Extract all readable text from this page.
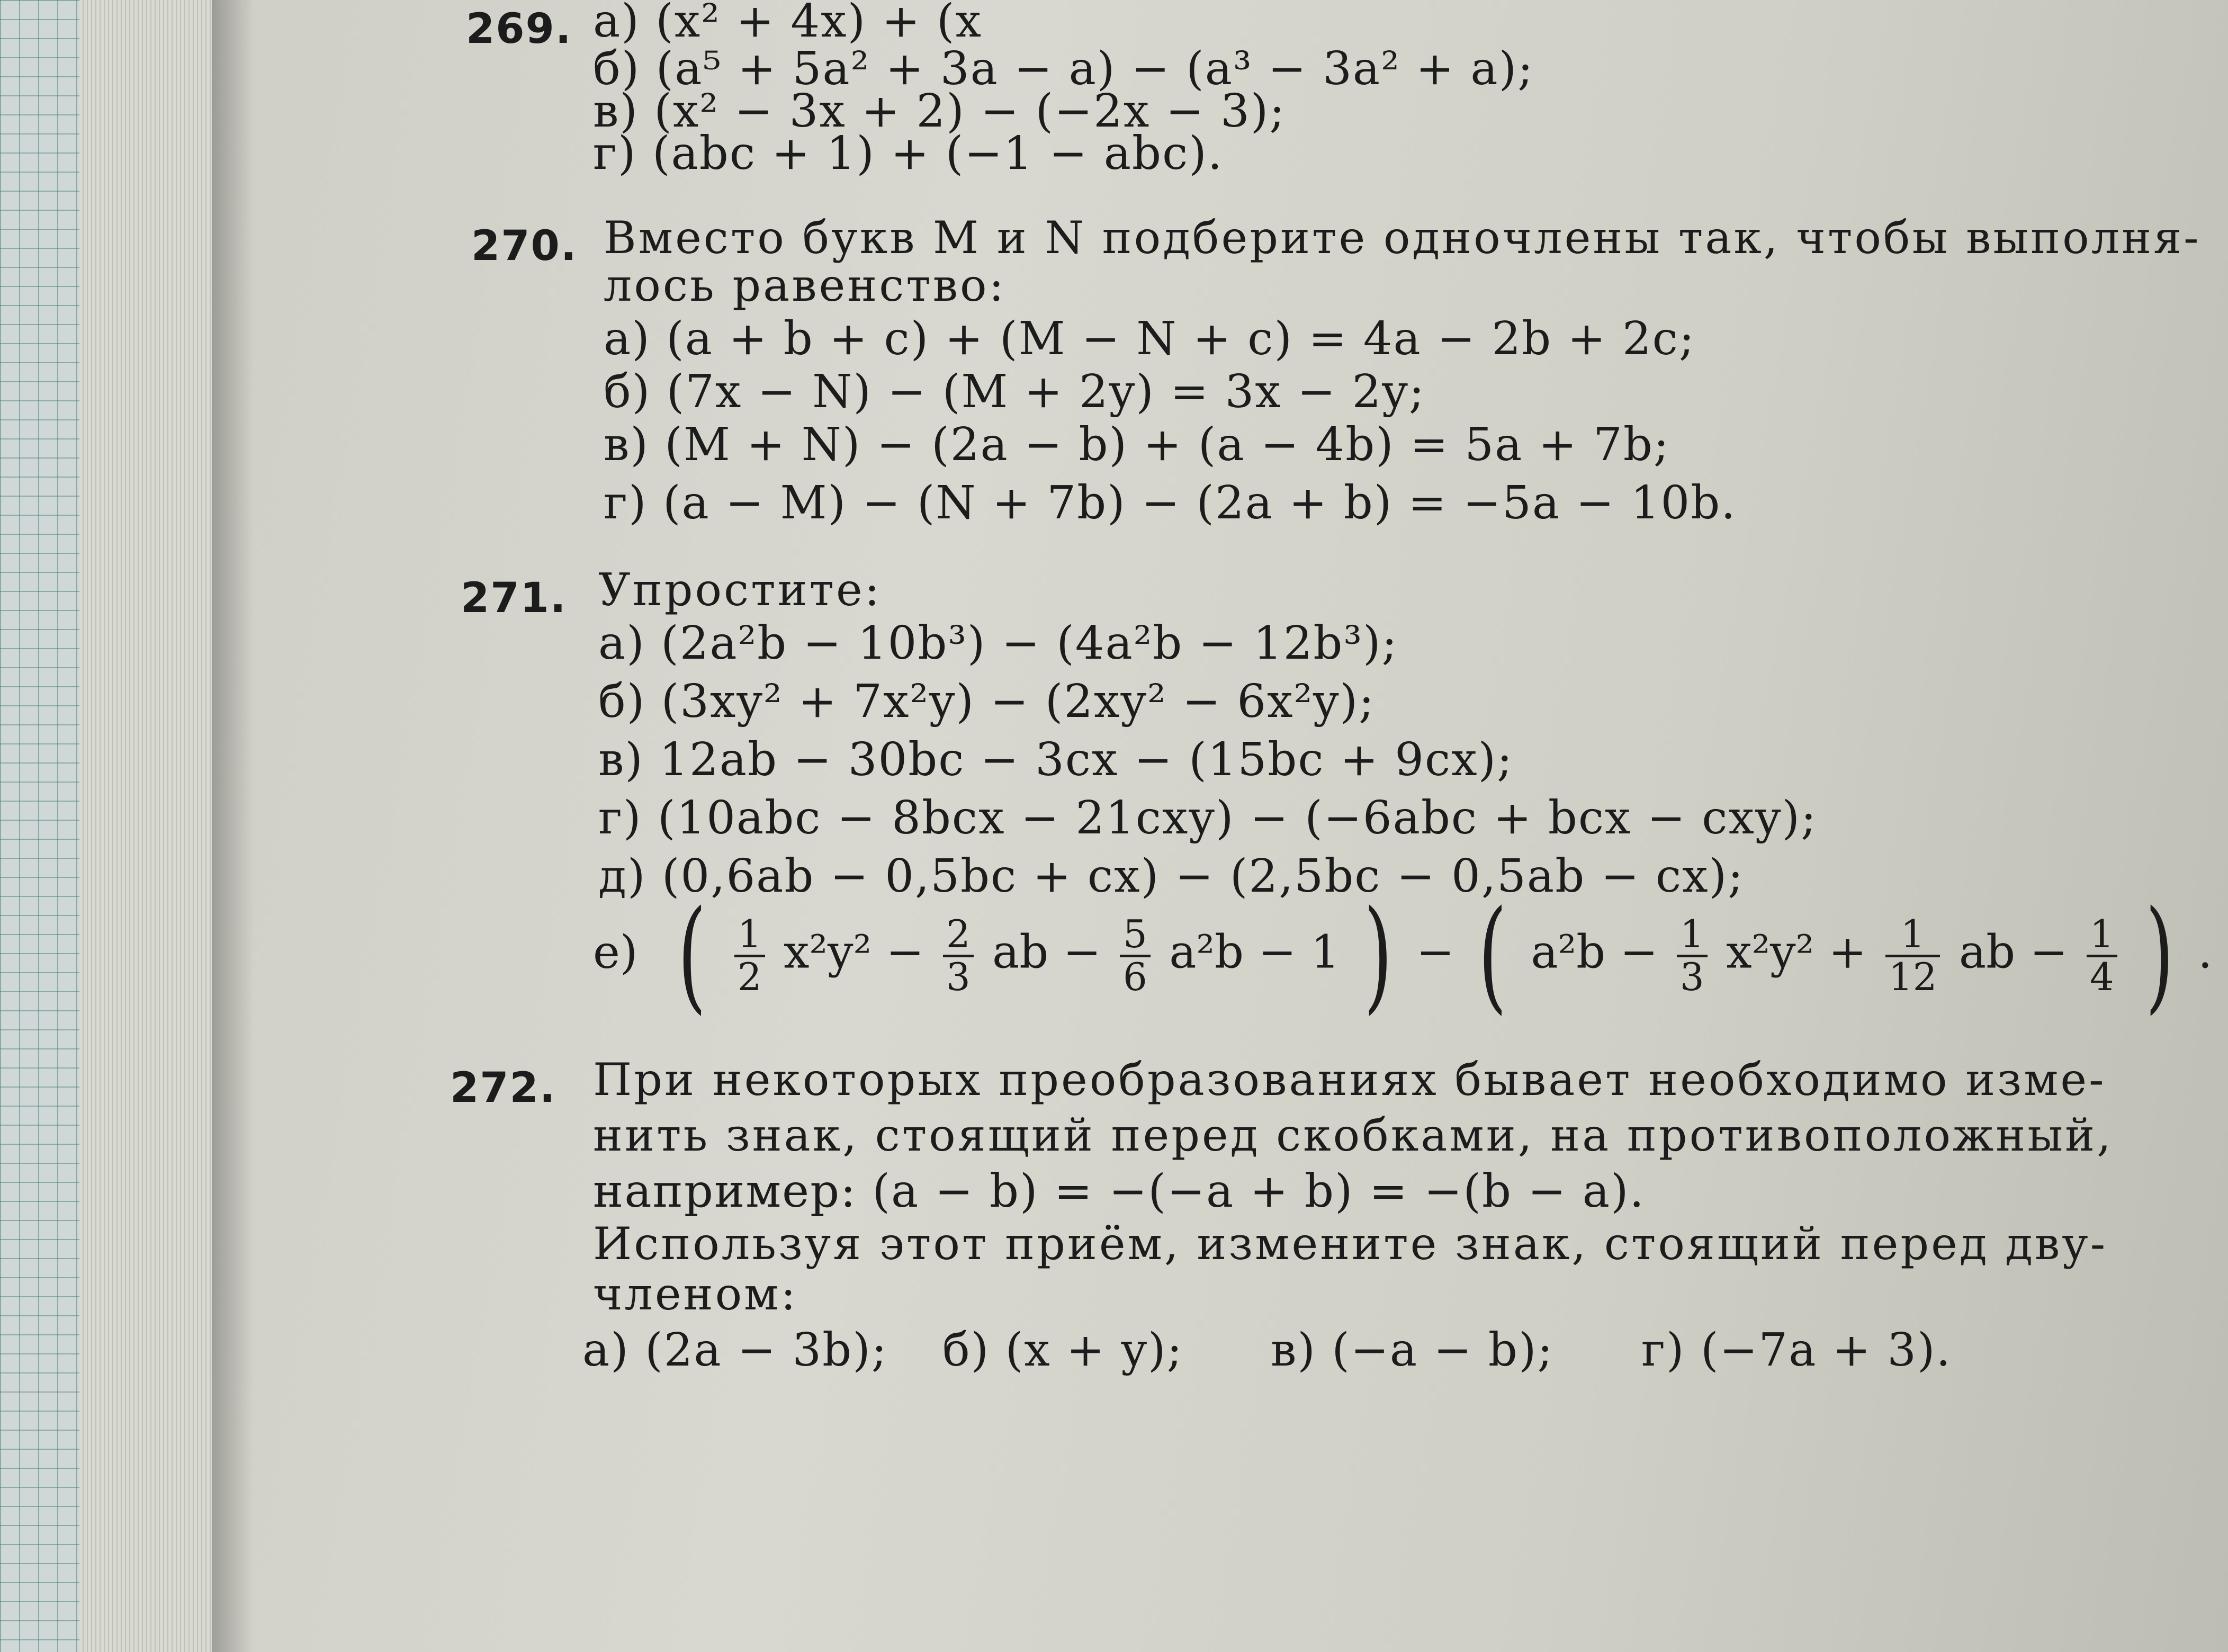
269. а) (x² + 4x) + (x
б) (a⁵ + 5a² + 3a − a) − (a³ − 3a² + a);
в) (x² − 3x + 2) − (−2x − 3);
г) (abc + 1) + (−1 − abc).
270. Вместо букв M и N подберите одночлены так, чтобы выполня-
лось равенство:
а) (a + b + c) + (M − N + c) = 4a − 2b + 2c;
б) (7x − N) − (M + 2y) = 3x − 2y;
в) (M + N) − (2a − b) + (a − 4b) = 5a + 7b;
г) (a − M) − (N + 7b) − (2a + b) = −5a − 10b.
271. Упростите:
а) (2a²b − 10b³) − (4a²b − 12b³);
б) (3xy² + 7x²y) − (2xy² − 6x²y);
в) 12ab − 30bc − 3cx − (15bc + 9cx);
г) (10abc − 8bcx − 21cxy) − (−6abc + bcx − cxy);
д) (0,6ab − 0,5bc + cx) − (2,5bc − 0,5ab − cx);
е) ( $\frac{1}{2} x^2y^2 - \frac{2}{3}$ ab − $\frac{5}{6} a^2b - 1$ ) − ( $a^2b - \frac{1}{3} x^2y^2 + \frac{1}{12}$ ab − $\frac{1}{4}$ ) .
272. При некоторых преобразованиях бывает необходимо изме-
нить знак, стоящий перед скобками, на противоположный,
например: (a − b) = −(−a + b) = −(b − a).
Используя этот приём, измените знак, стоящий перед дву-
членом:
а) (2a − 3b); б) (x + y); в) (−a − b); г) (−7a + 3).
